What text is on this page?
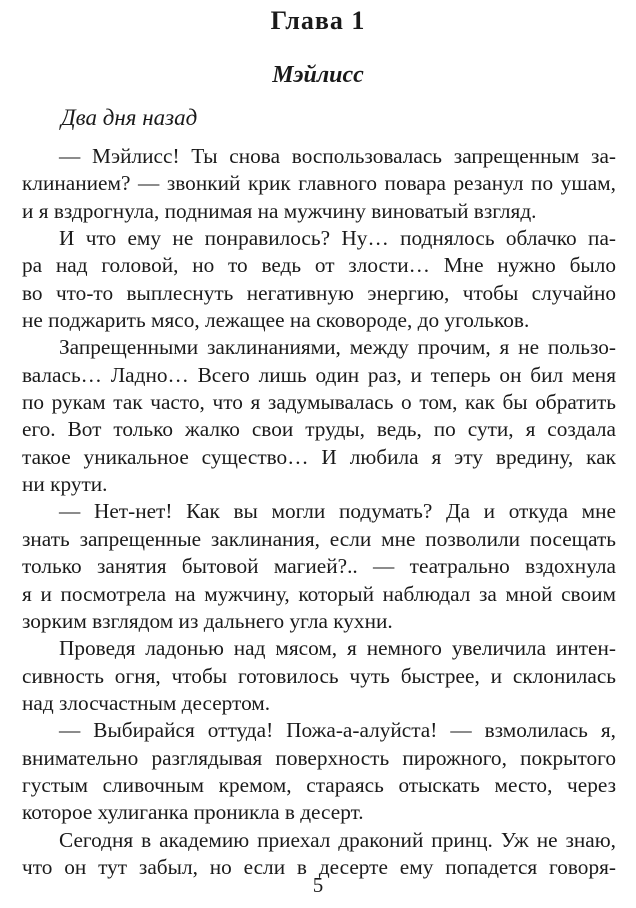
Глава 1
Мэйлисс
Два дня назад
— Мэйлисс! Ты снова воспользовалась запрещенным за-
клинанием? — звонкий крик главного повара резанул по ушам,
и я вздрогнула, поднимая на мужчину виноватый взгляд.
И что ему не понравилось? Ну… поднялось облачко па-
ра над головой, но то ведь от злости… Мне нужно было
во что-то выплеснуть негативную энергию, чтобы случайно
не поджарить мясо, лежащее на сковороде, до угольков.
Запрещенными заклинаниями, между прочим, я не пользо-
валась… Ладно… Всего лишь один раз, и теперь он бил меня
по рукам так часто, что я задумывалась о том, как бы обратить
его. Вот только жалко свои труды, ведь, по сути, я создала
такое уникальное существо… И любила я эту вредину, как
ни крути.
— Нет-нет! Как вы могли подумать? Да и откуда мне
знать запрещенные заклинания, если мне позволили посещать
только занятия бытовой магией?.. — театрально вздохнула
я и посмотрела на мужчину, который наблюдал за мной своим
зорким взглядом из дальнего угла кухни.
Проведя ладонью над мясом, я немного увеличила интен-
сивность огня, чтобы готовилось чуть быстрее, и склонилась
над злосчастным десертом.
— Выбирайся оттуда! Пожа-а-алуйста! — взмолилась я,
внимательно разглядывая поверхность пирожного, покрытого
густым сливочным кремом, стараясь отыскать место, через
которое хулиганка проникла в десерт.
Сегодня в академию приехал драконий принц. Уж не знаю,
что он тут забыл, но если в десерте ему попадется говоря-
5
